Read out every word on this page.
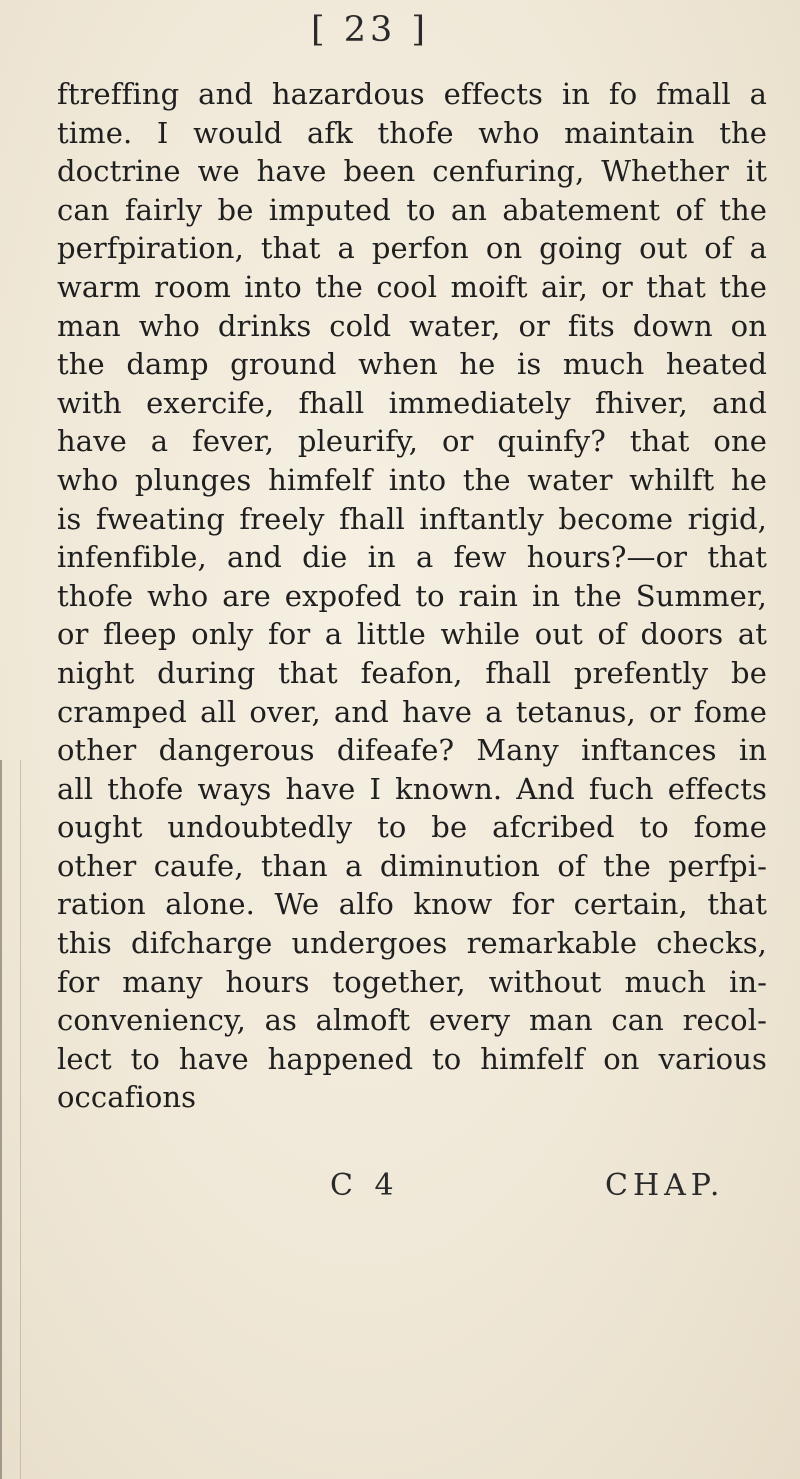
[ 23 ]
ftreffing and hazardous effects in fo fmall a
time. I would afk thofe who maintain the
doctrine we have been cenfuring, Whether it
can fairly be imputed to an abatement of the
perfpiration, that a perfon on going out of a
warm room into the cool moift air, or that the
man who drinks cold water, or fits down on
the damp ground when he is much heated
with exercife, fhall immediately fhiver, and
have a fever, pleurify, or quinfy? that one
who plunges himfelf into the water whilft he
is fweating freely fhall inftantly become rigid,
infenfible, and die in a few hours?—or that
thofe who are expofed to rain in the Summer,
or fleep only for a little while out of doors at
night during that feafon, fhall prefently be
cramped all over, and have a tetanus, or fome
other dangerous difeafe? Many inftances in
all thofe ways have I known. And fuch effects
ought undoubtedly to be afcribed to fome
other caufe, than a diminution of the perfpi-
ration alone. We alfo know for certain, that
this difcharge undergoes remarkable checks,
for many hours together, without much in-
conveniency, as almoft every man can recol-
lect to have happened to himfelf on various
occafions
C 4	CHAP.
